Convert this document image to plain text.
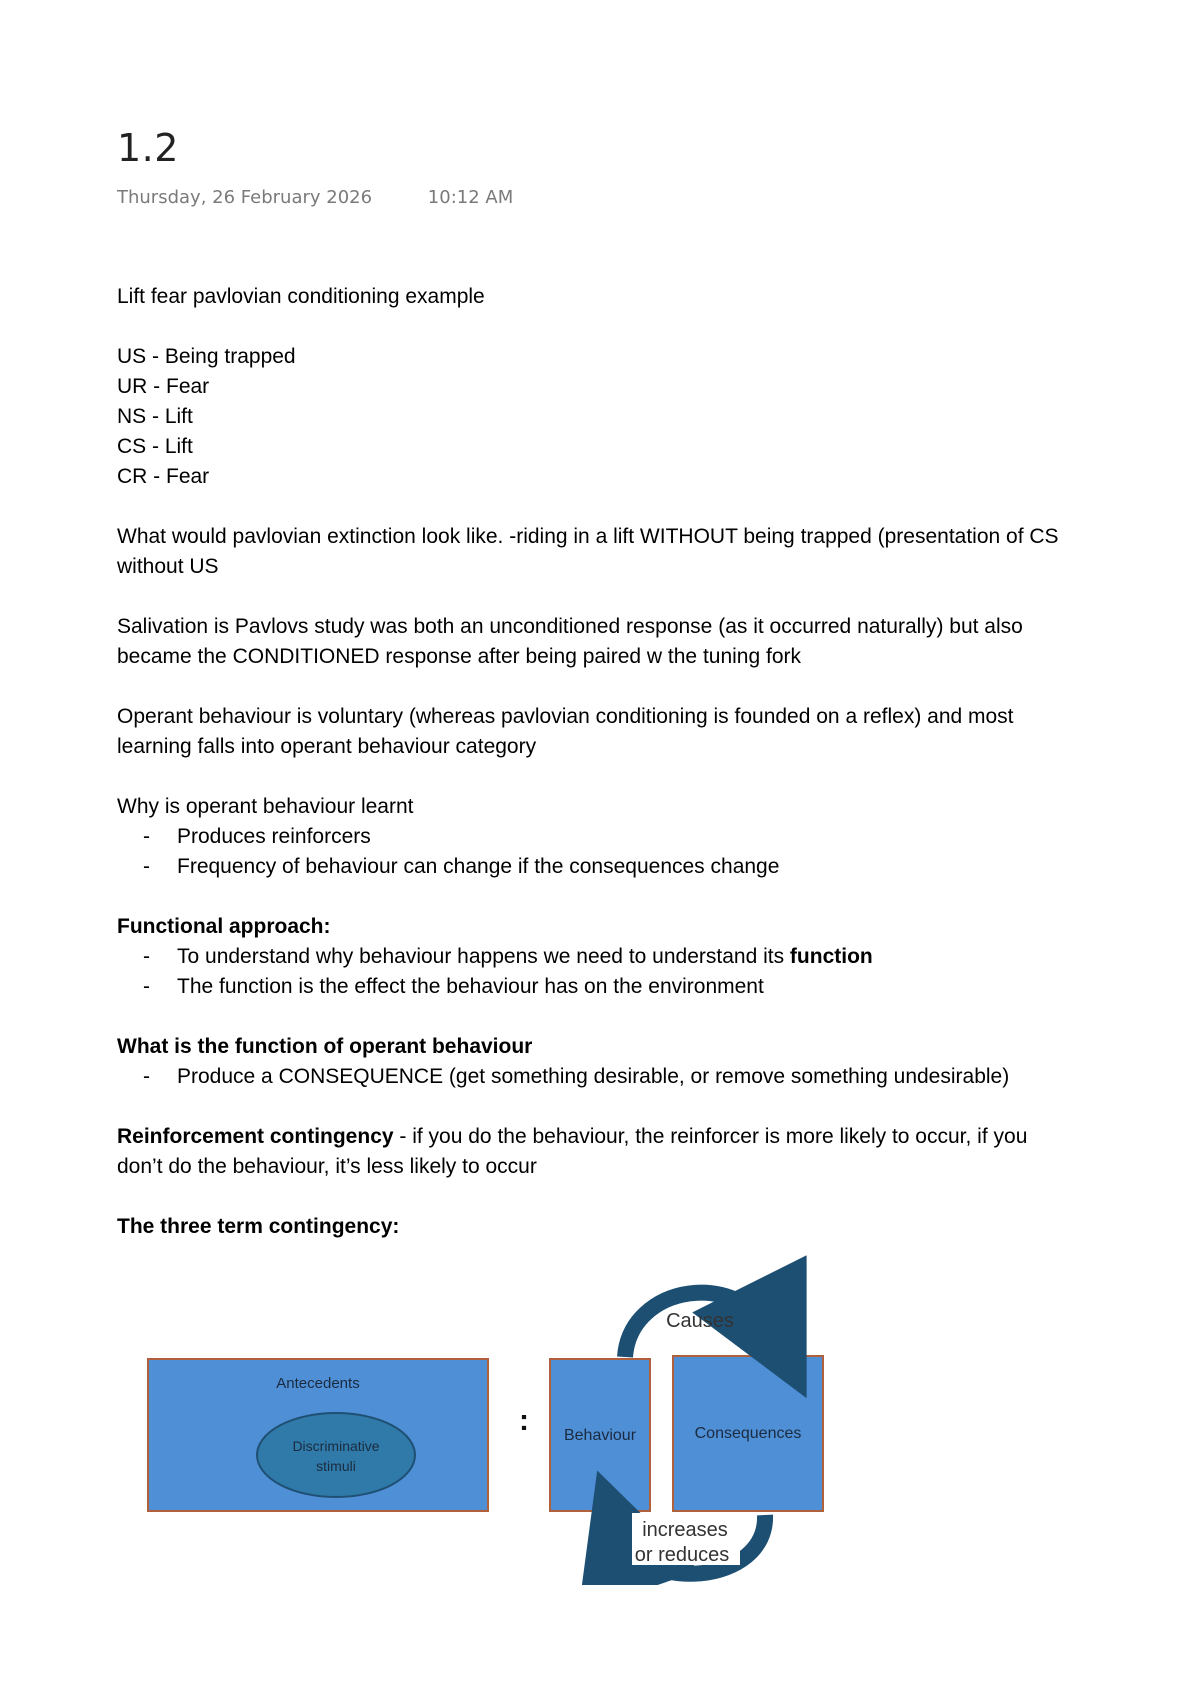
1.2
Thursday, 26 February 2026	10:12 AM

Lift fear pavlovian conditioning example

US - Being trapped

UR - Fear

NS - Lift

CS - Lift

CR - Fear

What would pavlovian extinction look like. -riding in a lift WITHOUT being trapped (presentation of CS without US

Salivation is Pavlovs study was both an unconditioned response (as it occurred naturally) but also became the CONDITIONED response after being paired w the tuning fork

Operant behaviour is voluntary (whereas pavlovian conditioning is founded on a reflex) and most learning falls into operant behaviour category

Why is operant behaviour learnt

- Produces reinforcers
- Frequency of behaviour can change if the consequences change

Functional approach:

- To understand why behaviour happens we need to understand its function
- The function is the effect the behaviour has on the environment

What is the function of operant behaviour

- Produce a CONSEQUENCE (get something desirable, or remove something undesirable)

Reinforcement contingency - if you do the behaviour, the reinforcer is more likely to occur, if you don’t do the behaviour, it’s less likely to occur

The three term contingency:

Antecedents
Discriminative
stimuli
: Behaviour	Consequences
Causes
increases
or reduces
